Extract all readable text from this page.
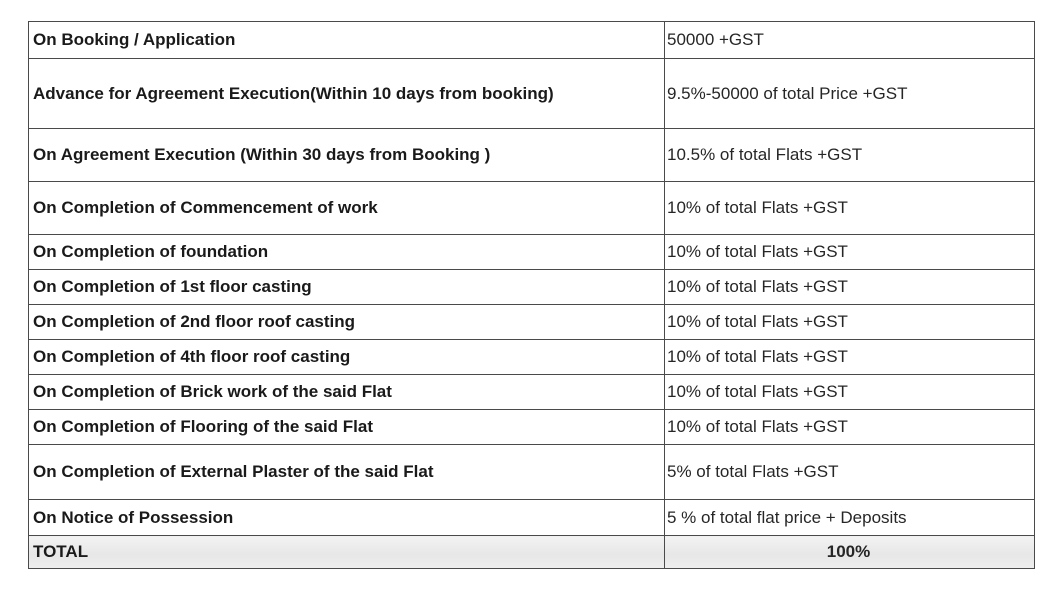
On Booking / Application	50000 +GST
Advance for Agreement Execution(Within 10 days from booking)	9.5%-50000 of total Price +GST
On Agreement Execution (Within 30 days from Booking )	10.5% of total Flats +GST
On Completion of Commencement of work	10% of total Flats +GST
On Completion of foundation	10% of total Flats +GST
On Completion of 1st floor casting	10% of total Flats +GST
On Completion of 2nd floor roof casting	10% of total Flats +GST
On Completion of 4th floor roof casting	10% of total Flats +GST
On Completion of Brick work of the said Flat	10% of total Flats +GST
On Completion of Flooring of the said Flat	10% of total Flats +GST
On Completion of External Plaster of the said Flat	5% of total Flats +GST
On Notice of Possession	5 % of total flat price + Deposits
TOTAL	100%
